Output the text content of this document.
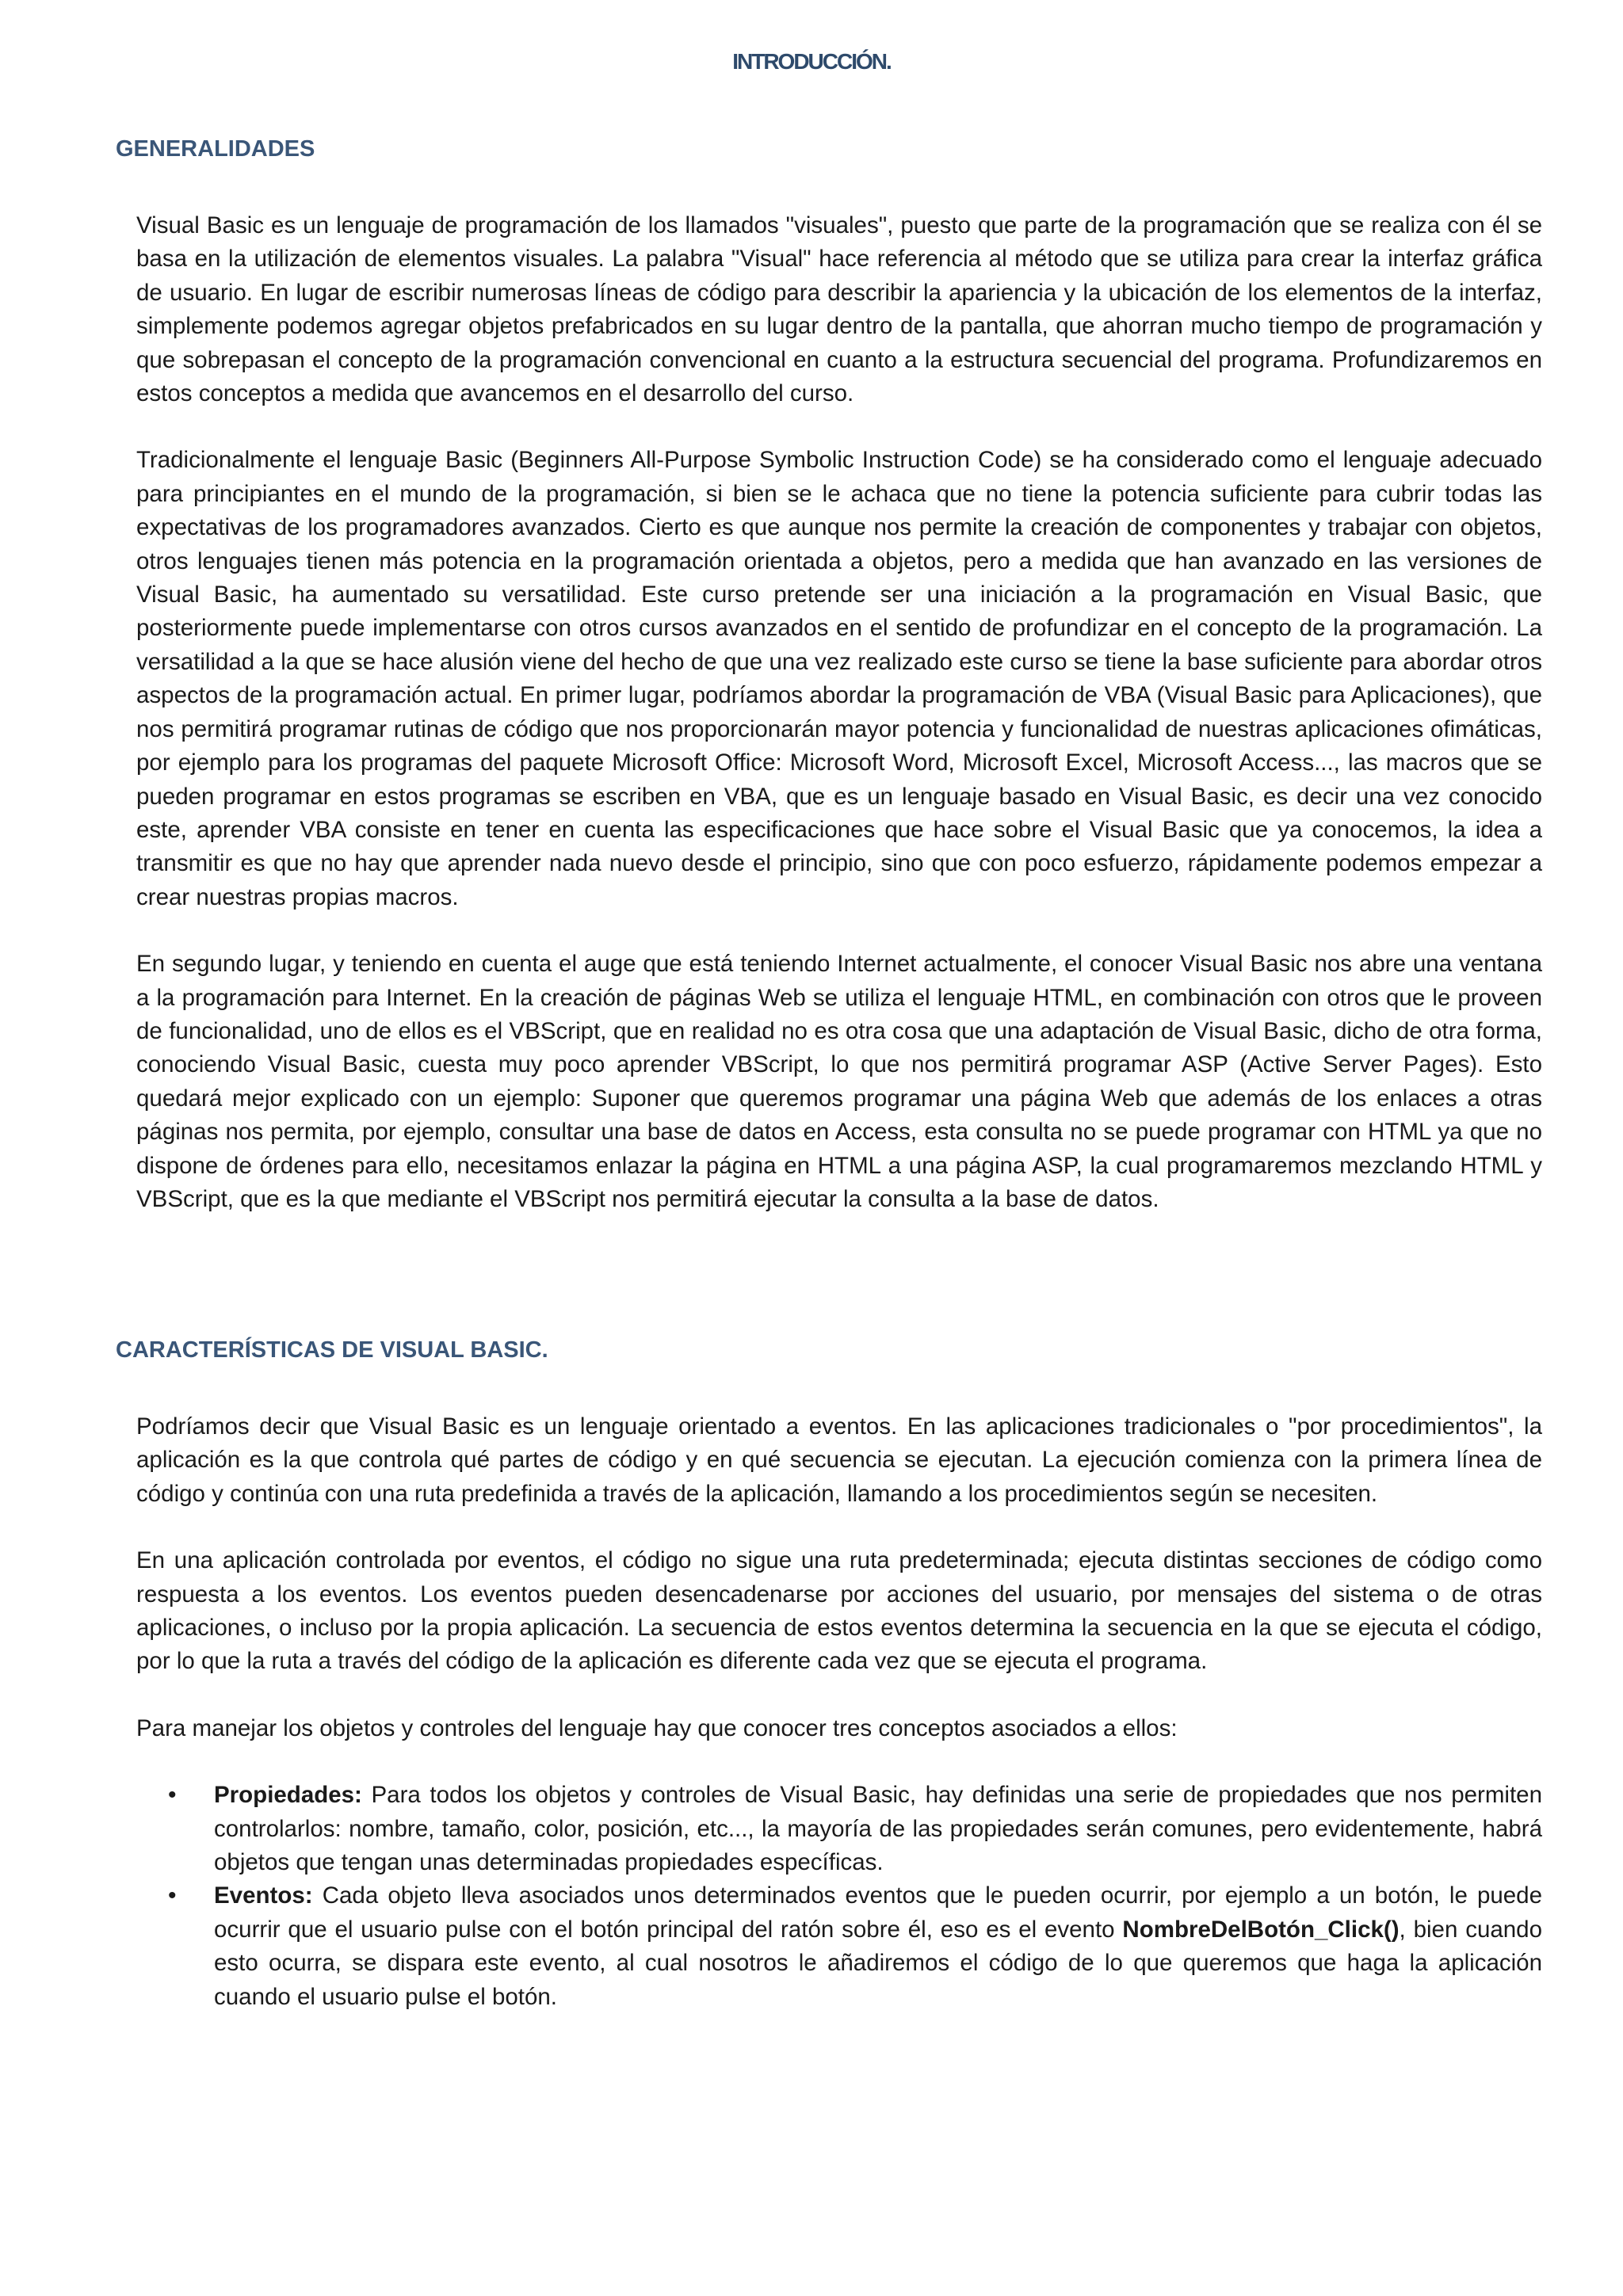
INTRODUCCIÓN.
GENERALIDADES

Visual Basic es un lenguaje de programación de los llamados "visuales", puesto que parte de la programación que se realiza con él se basa en la utilización de elementos visuales. La palabra "Visual" hace referencia al método que se utiliza para crear la interfaz gráfica de usuario. En lugar de escribir numerosas líneas de código para describir la apariencia y la ubicación de los elementos de la interfaz, simplemente podemos agregar objetos prefabricados en su lugar dentro de la pantalla, que ahorran mucho tiempo de programación y que sobrepasan el concepto de la programación convencional en cuanto a la estructura secuencial del programa. Profundizaremos en estos conceptos a medida que avancemos en el desarrollo del curso.

Tradicionalmente el lenguaje Basic (Beginners All-Purpose Symbolic Instruction Code) se ha considerado como el lenguaje adecuado para principiantes en el mundo de la programación, si bien se le achaca que no tiene la potencia suficiente para cubrir todas las expectativas de los programadores avanzados. Cierto es que aunque nos permite la creación de componentes y trabajar con objetos, otros lenguajes tienen más potencia en la programación orientada a objetos, pero a medida que han avanzado en las versiones de Visual Basic, ha aumentado su versatilidad. Este curso pretende ser una iniciación a la programación en Visual Basic, que posteriormente puede implementarse con otros cursos avanzados en el sentido de profundizar en el concepto de la programación. La versatilidad a la que se hace alusión viene del hecho de que una vez realizado este curso se tiene la base suficiente para abordar otros aspectos de la programación actual. En primer lugar, podríamos abordar la programación de VBA (Visual Basic para Aplicaciones), que nos permitirá programar rutinas de código que nos proporcionarán mayor potencia y funcionalidad de nuestras aplicaciones ofimáticas, por ejemplo para los programas del paquete Microsoft Office: Microsoft Word, Microsoft Excel, Microsoft Access..., las macros que se pueden programar en estos programas se escriben en VBA, que es un lenguaje basado en Visual Basic, es decir una vez conocido este, aprender VBA consiste en tener en cuenta las especificaciones que hace sobre el Visual Basic que ya conocemos, la idea a transmitir es que no hay que aprender nada nuevo desde el principio, sino que con poco esfuerzo, rápidamente podemos empezar a crear nuestras propias macros.

En segundo lugar, y teniendo en cuenta el auge que está teniendo Internet actualmente, el conocer Visual Basic nos abre una ventana a la programación para Internet. En la creación de páginas Web se utiliza el lenguaje HTML, en combinación con otros que le proveen de funcionalidad, uno de ellos es el VBScript, que en realidad no es otra cosa que una adaptación de Visual Basic, dicho de otra forma, conociendo Visual Basic, cuesta muy poco aprender VBScript, lo que nos permitirá programar ASP (Active Server Pages). Esto quedará mejor explicado con un ejemplo: Suponer que queremos programar una página Web que además de los enlaces a otras páginas nos permita, por ejemplo, consultar una base de datos en Access, esta consulta no se puede programar con HTML ya que no dispone de órdenes para ello, necesitamos enlazar la página en HTML a una página ASP, la cual programaremos mezclando HTML y VBScript, que es la que mediante el VBScript nos permitirá ejecutar la consulta a la base de datos.

CARACTERÍSTICAS DE VISUAL BASIC.

Podríamos decir que Visual Basic es un lenguaje orientado a eventos. En las aplicaciones tradicionales o "por procedimientos", la aplicación es la que controla qué partes de código y en qué secuencia se ejecutan. La ejecución comienza con la primera línea de código y continúa con una ruta predefinida a través de la aplicación, llamando a los procedimientos según se necesiten.

En una aplicación controlada por eventos, el código no sigue una ruta predeterminada; ejecuta distintas secciones de código como respuesta a los eventos. Los eventos pueden desencadenarse por acciones del usuario, por mensajes del sistema o de otras aplicaciones, o incluso por la propia aplicación. La secuencia de estos eventos determina la secuencia en la que se ejecuta el código, por lo que la ruta a través del código de la aplicación es diferente cada vez que se ejecuta el programa.

Para manejar los objetos y controles del lenguaje hay que conocer tres conceptos asociados a ellos:

• Propiedades: Para todos los objetos y controles de Visual Basic, hay definidas una serie de propiedades que nos permiten controlarlos: nombre, tamaño, color, posición, etc..., la mayoría de las propiedades serán comunes, pero evidentemente, habrá objetos que tengan unas determinadas propiedades específicas.
• Eventos: Cada objeto lleva asociados unos determinados eventos que le pueden ocurrir, por ejemplo a un botón, le puede ocurrir que el usuario pulse con el botón principal del ratón sobre él, eso es el evento NombreDelBotón_Click(), bien cuando esto ocurra, se dispara este evento, al cual nosotros le añadiremos el código de lo que queremos que haga la aplicación cuando el usuario pulse el botón.
